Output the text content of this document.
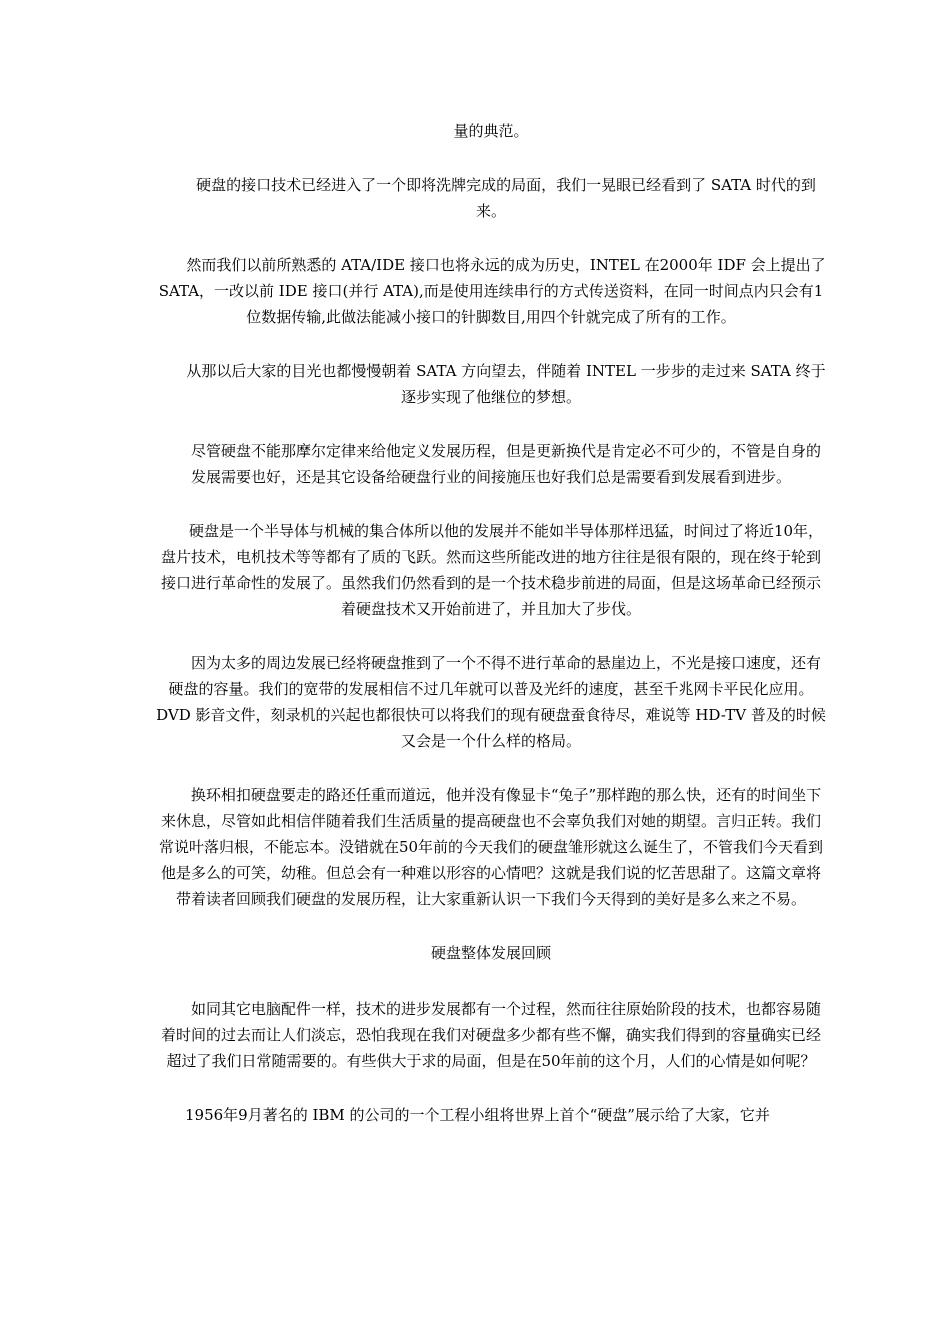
量的典范。

硬盘的接口技术已经进入了一个即将洗牌完成的局面，我们一晃眼已经看到了 SATA 时代的到来。

然而我们以前所熟悉的 ATA/IDE 接口也将永远的成为历史，INTEL 在2000年 IDF 会上提出了 SATA，一改以前 IDE 接口(并行 ATA),而是使用连续串行的方式传送资料，在同一时间点内只会有1位数据传输,此做法能减小接口的针脚数目,用四个针就完成了所有的工作。

从那以后大家的目光也都慢慢朝着 SATA 方向望去，伴随着 INTEL 一步步的走过来 SATA 终于逐步实现了他继位的梦想。

尽管硬盘不能那摩尔定律来给他定义发展历程，但是更新换代是肯定必不可少的，不管是自身的发展需要也好，还是其它设备给硬盘行业的间接施压也好我们总是需要看到发展看到进步。

硬盘是一个半导体与机械的集合体所以他的发展并不能如半导体那样迅猛，时间过了将近10年，盘片技术，电机技术等等都有了质的飞跃。然而这些所能改进的地方往往是很有限的，现在终于轮到接口进行革命性的发展了。虽然我们仍然看到的是一个技术稳步前进的局面，但是这场革命已经预示着硬盘技术又开始前进了，并且加大了步伐。

因为太多的周边发展已经将硬盘推到了一个不得不进行革命的悬崖边上，不光是接口速度，还有硬盘的容量。我们的宽带的发展相信不过几年就可以普及光纤的速度，甚至千兆网卡平民化应用。DVD 影音文件，刻录机的兴起也都很快可以将我们的现有硬盘蚕食待尽，难说等 HD-TV 普及的时候又会是一个什么样的格局。

换环相扣硬盘要走的路还任重而道远，他并没有像显卡“兔子”那样跑的那么快，还有的时间坐下来休息，尽管如此相信伴随着我们生活质量的提高硬盘也不会辜负我们对她的期望。言归正转。我们常说叶落归根，不能忘本。没错就在50年前的今天我们的硬盘雏形就这么诞生了，不管我们今天看到他是多么的可笑，幼稚。但总会有一种难以形容的心情吧？这就是我们说的忆苦思甜了。这篇文章将带着读者回顾我们硬盘的发展历程，让大家重新认识一下我们今天得到的美好是多么来之不易。

硬盘整体发展回顾

如同其它电脑配件一样，技术的进步发展都有一个过程，然而往往原始阶段的技术，也都容易随着时间的过去而让人们淡忘，恐怕我现在我们对硬盘多少都有些不懈，确实我们得到的容量确实已经超过了我们日常随需要的。有些供大于求的局面，但是在50年前的这个月，人们的心情是如何呢？

1956年9月著名的 IBM 的公司的一个工程小组将世界上首个“硬盘”展示给了大家，它并
